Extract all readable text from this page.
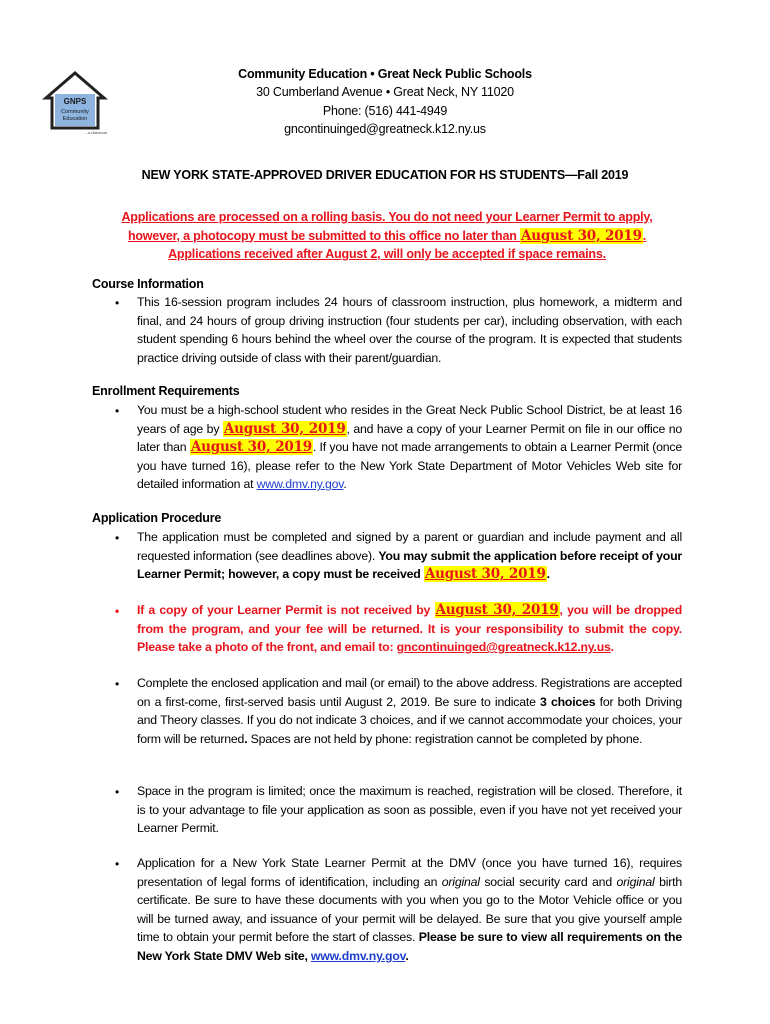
GNPS
Community
Education
...a classroom
Community Education • Great Neck Public Schools
30 Cumberland Avenue • Great Neck, NY 11020
Phone: (516) 441-4949
gncontinuinged@greatneck.k12.ny.us
NEW YORK STATE-APPROVED DRIVER EDUCATION FOR HS STUDENTS—Fall 2019
Applications are processed on a rolling basis. You do not need your Learner Permit to apply,
however, a photocopy must be submitted to this office no later than August 30, 2019.
Applications received after August 2, will only be accepted if space remains.
Course Information
• This 16-session program includes 24 hours of classroom instruction, plus homework, a midterm and final, and 24 hours of group driving instruction (four students per car), including observation, with each student spending 6 hours behind the wheel over the course of the program. It is expected that students practice driving outside of class with their parent/guardian.
Enrollment Requirements
• You must be a high-school student who resides in the Great Neck Public School District, be at least 16 years of age by August 30, 2019, and have a copy of your Learner Permit on file in our office no later than August 30, 2019. If you have not made arrangements to obtain a Learner Permit (once you have turned 16), please refer to the New York State Department of Motor Vehicles Web site for detailed information at www.dmv.ny.gov.
Application Procedure
• The application must be completed and signed by a parent or guardian and include payment and all requested information (see deadlines above). You may submit the application before receipt of your Learner Permit; however, a copy must be received August 30, 2019.
• If a copy of your Learner Permit is not received by August 30, 2019, you will be dropped from the program, and your fee will be returned. It is your responsibility to submit the copy. Please take a photo of the front, and email to: gncontinuinged@greatneck.k12.ny.us.
• Complete the enclosed application and mail (or email) to the above address. Registrations are accepted on a first-come, first-served basis until August 2, 2019. Be sure to indicate 3 choices for both Driving and Theory classes. If you do not indicate 3 choices, and if we cannot accommodate your choices, your form will be returned. Spaces are not held by phone: registration cannot be completed by phone.
• Space in the program is limited; once the maximum is reached, registration will be closed. Therefore, it is to your advantage to file your application as soon as possible, even if you have not yet received your Learner Permit.
• Application for a New York State Learner Permit at the DMV (once you have turned 16), requires presentation of legal forms of identification, including an original social security card and original birth certificate. Be sure to have these documents with you when you go to the Motor Vehicle office or you will be turned away, and issuance of your permit will be delayed. Be sure that you give yourself ample time to obtain your permit before the start of classes. Please be sure to view all requirements on the New York State DMV Web site, www.dmv.ny.gov.
